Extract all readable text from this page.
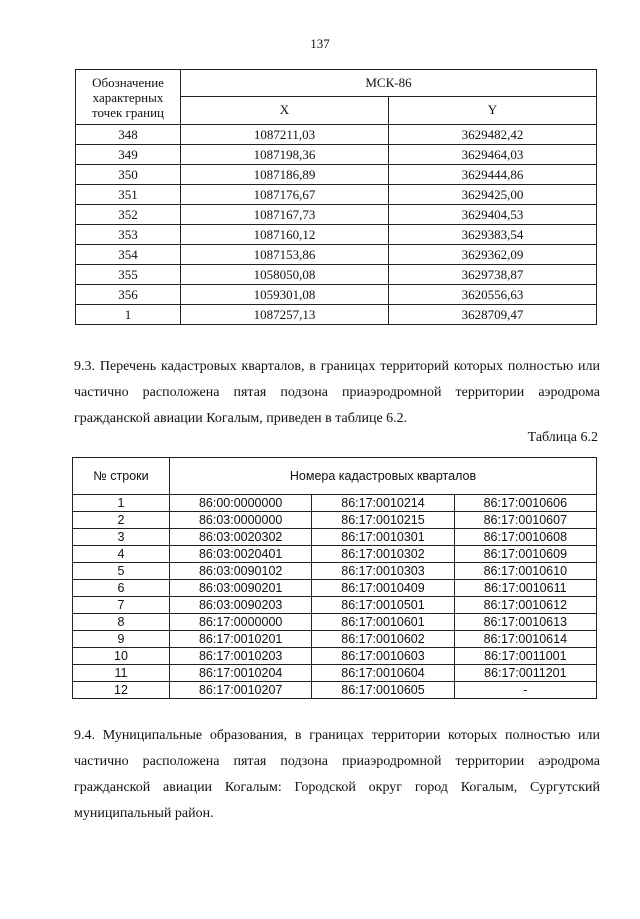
137
Обозначение характерных точек границ	МСК-86	
	X	Y
348	1087211,03	3629482,42
349	1087198,36	3629464,03
350	1087186,89	3629444,86
351	1087176,67	3629425,00
352	1087167,73	3629404,53
353	1087160,12	3629383,54
354	1087153,86	3629362,09
355	1058050,08	3629738,87
356	1059301,08	3620556,63
1	1087257,13	3628709,47
9.3. Перечень кадастровых кварталов, в границах территорий которых полностью или частично расположена пятая подзона приаэродромной территории аэродрома гражданской авиации Когалым, приведен в таблице 6.2.
Таблица 6.2
№ строки	Номера кадастровых кварталов		
1	86:00:0000000	86:17:0010214	86:17:0010606
2	86:03:0000000	86:17:0010215	86:17:0010607
3	86:03:0020302	86:17:0010301	86:17:0010608
4	86:03:0020401	86:17:0010302	86:17:0010609
5	86:03:0090102	86:17:0010303	86:17:0010610
6	86:03:0090201	86:17:0010409	86:17:0010611
7	86:03:0090203	86:17:0010501	86:17:0010612
8	86:17:0000000	86:17:0010601	86:17:0010613
9	86:17:0010201	86:17:0010602	86:17:0010614
10	86:17:0010203	86:17:0010603	86:17:0011001
11	86:17:0010204	86:17:0010604	86:17:0011201
12	86:17:0010207	86:17:0010605	-
9.4. Муниципальные образования, в границах территории которых полностью или частично расположена пятая подзона приаэродромной территории аэродрома гражданской авиации Когалым: Городской округ город Когалым, Сургутский муниципальный район.
